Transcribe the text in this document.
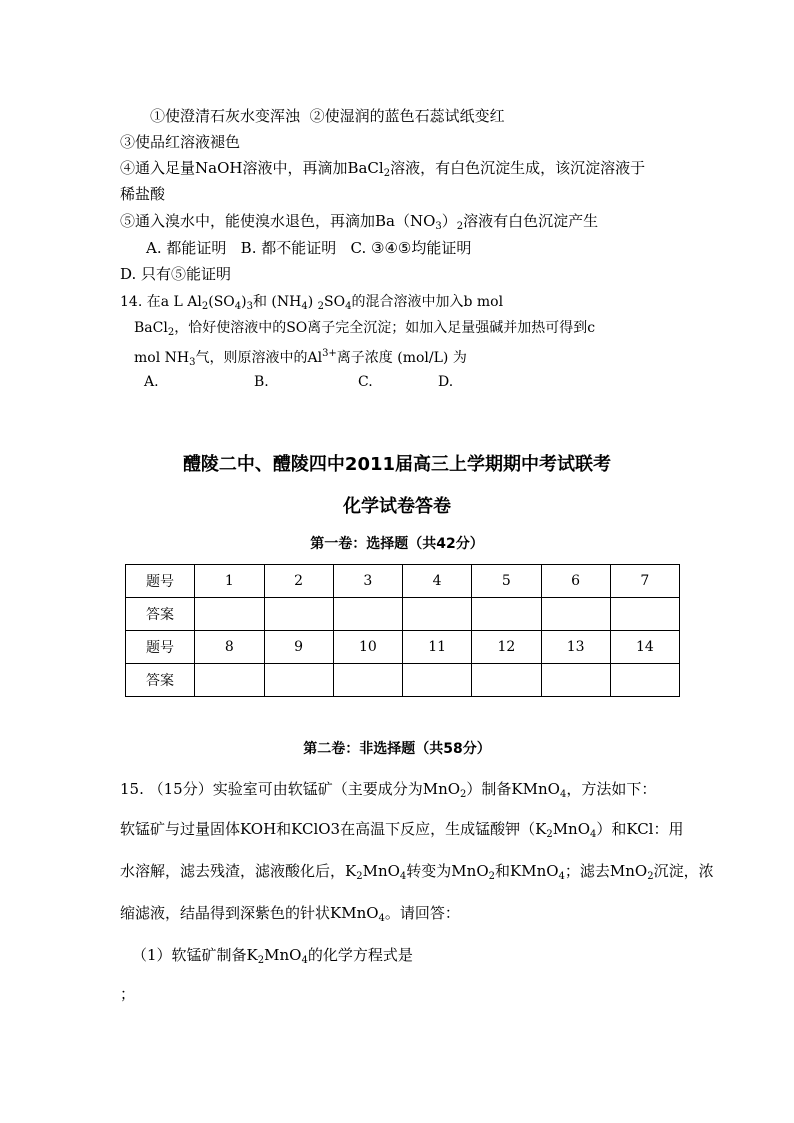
①使澄清石灰水变浑浊 ②使湿润的蓝色石蕊试纸变红
③使品红溶液褪色
④通入足量NaOH溶液中，再滴加BaCl$_2$溶液，有白色沉淀生成，该沉淀溶液于
稀盐酸
⑤通入溴水中，能使溴水退色，再滴加$Ba(NO_3)_2$溶液有白色沉淀产生
A. 都能证明   B. 都不能证明   C. ③④⑤均能证明
D. 只有⑤能证明
14. 在a L $Al_2(SO_4)_3$和 $(NH_4)$ $_2SO_4$的混合溶液中加入b mol
BaCl$_2$，恰好使溶液中的SO离子完全沉淀；如加入足量强碱并加热可得到c
mol $NH_3$气，则原溶液中的$Al^{3+}$离子浓度 (mol/L) 为
A.	B.	C.	D.
醴陵二中、醴陵四中2011届高三上学期期中考试联考
化学试卷答卷
第一卷：选择题（共42分）
题号	1	2	3	4	5	6	7
答案							
题号	8	9	10	11	12	13	14
答案							
第二卷：非选择题（共58分）
15. （15分）实验室可由软锰矿（主要成分为MnO$_2$）制备KMnO$_4$，方法如下：
软锰矿与过量固体KOH和KClO3在高温下反应，生成锰酸钾$(K_2MnO_4)$和KCl：用
水溶解，滤去残渣，滤液酸化后，$K_2MnO_4$转变为MnO$_2$和KMnO$_4$；滤去MnO$_2$沉淀，浓
缩滤液，结晶得到深紫色的针状KMnO$_4$。请回答：
（1）软锰矿制备$K_2MnO_4$的化学方程式是
；
